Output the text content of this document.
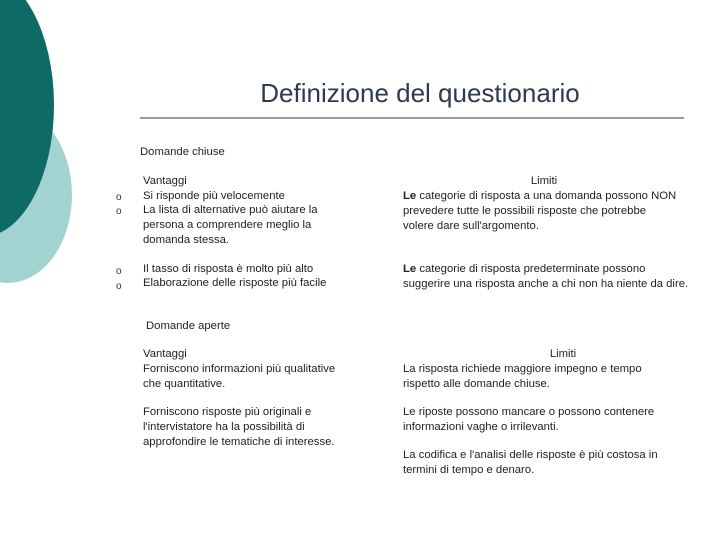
Definizione del questionario
Domande chiuse
o
o
o
o
Vantaggi
Si risponde più velocemente
La lista di alternative può aiutare la persona a comprendere meglio la domanda stessa.
Il tasso di risposta è molto più alto
Elaborazione delle risposte più facile
Limiti
Le categorie di risposta a una domanda possono NON prevedere tutte le possibili risposte che potrebbe volere dare sull'argomento.
Le categorie di risposta predeterminate possono suggerire una risposta anche a chi non ha niente da dire.
Domande aperte
Vantaggi
Forniscono informazioni più qualitative che quantitative.
Forniscono risposte più originali e l'intervistatore ha la possibilità di approfondire le tematiche di interesse.
Limiti
La risposta richiede maggiore impegno e tempo rispetto alle domande chiuse.
Le riposte possono mancare o possono contenere informazioni vaghe o irrilevanti.
La codifica e l'analisi delle risposte è più costosa in termini di tempo e denaro.
